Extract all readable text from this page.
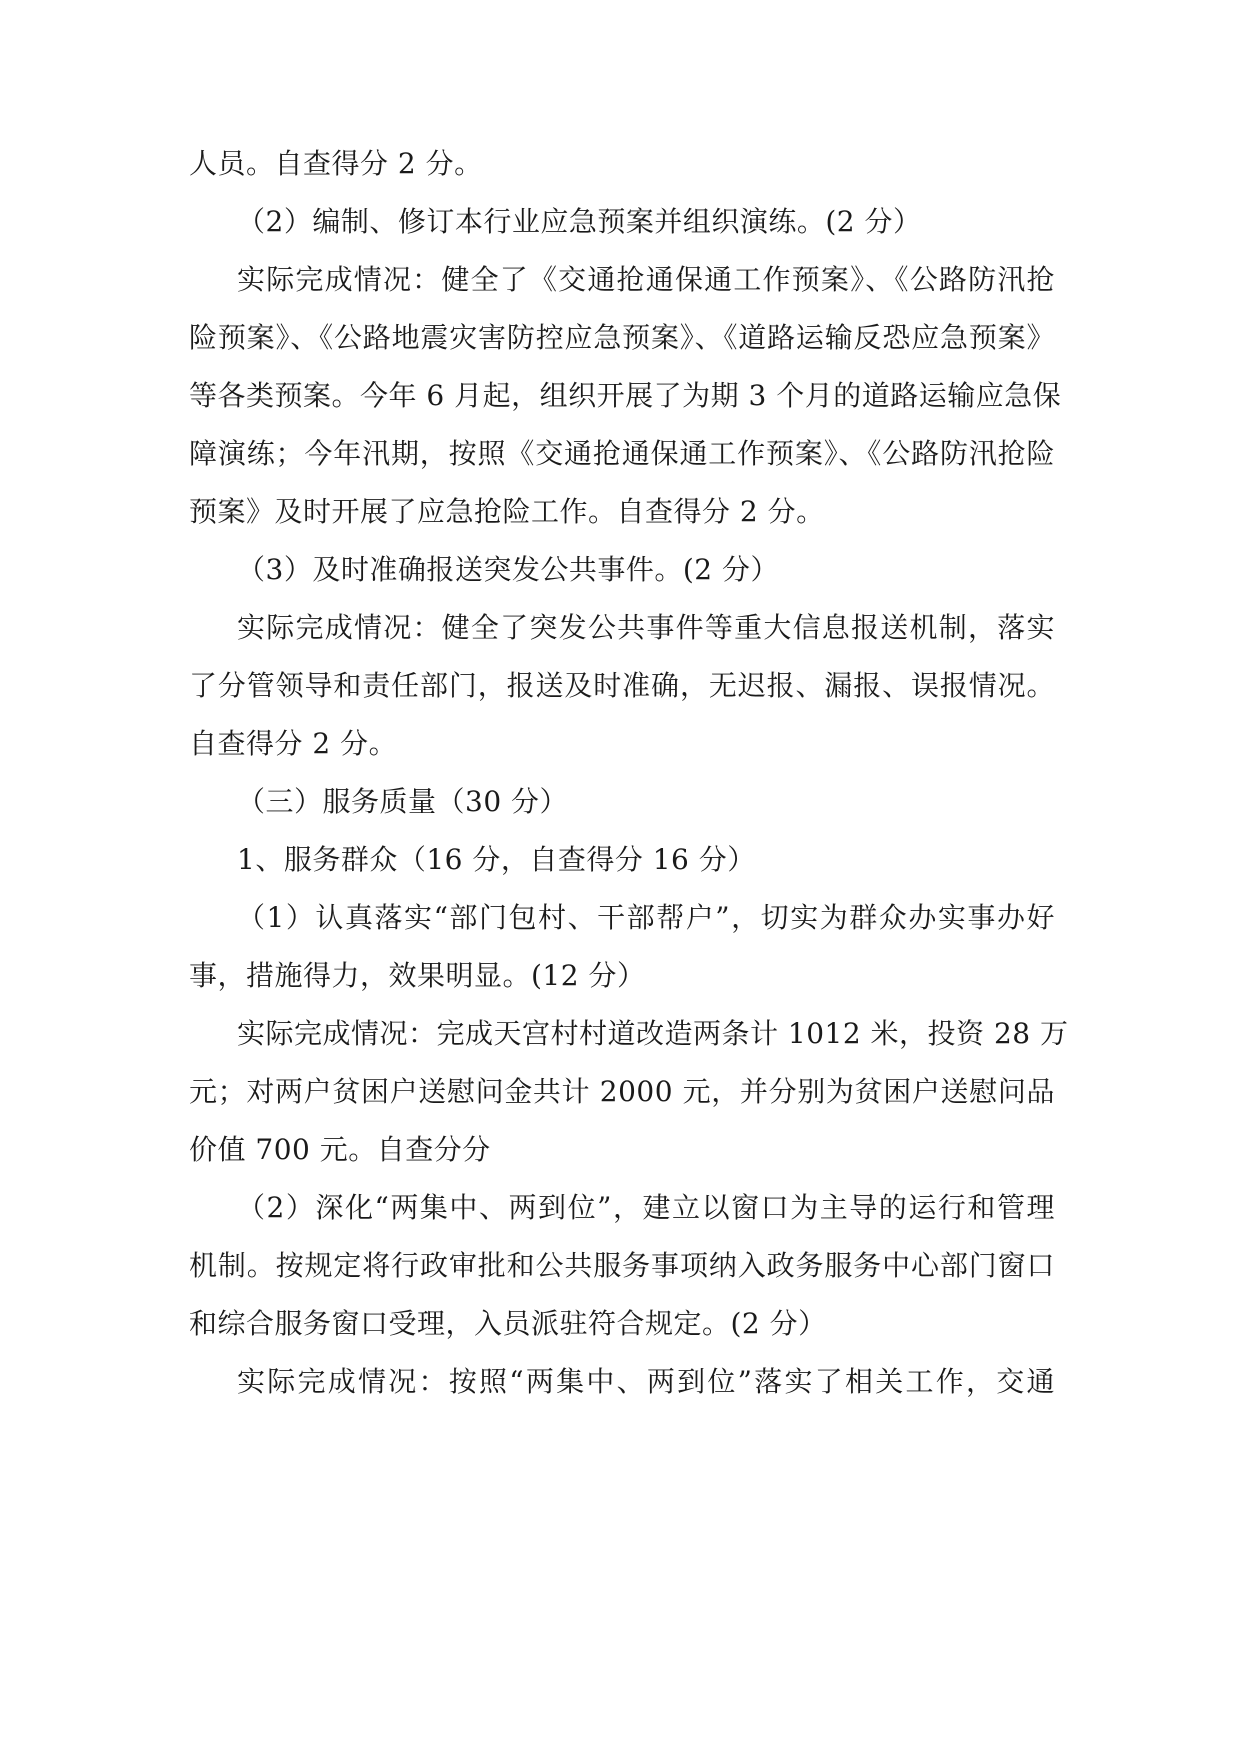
人员。自查得分 2 分。
（2）编制、修订本行业应急预案并组织演练。(2 分）
实际完成情况：健全了《交通抢通保通工作预案》、《公路防汛抢
险预案》、《公路地震灾害防控应急预案》、《道路运输反恐应急预案》
等各类预案。今年 6 月起，组织开展了为期 3 个月的道路运输应急保
障演练；今年汛期，按照《交通抢通保通工作预案》、《公路防汛抢险
预案》及时开展了应急抢险工作。自查得分 2 分。
（3）及时准确报送突发公共事件。(2 分）
实际完成情况：健全了突发公共事件等重大信息报送机制，落实
了分管领导和责任部门，报送及时准确，无迟报、漏报、误报情况。
自查得分 2 分。
（三）服务质量（30 分）
1、服务群众（16 分，自查得分 16 分）
（1）认真落实“部门包村、干部帮户”，切实为群众办实事办好
事，措施得力，效果明显。(12 分）
实际完成情况：完成天宫村村道改造两条计 1012 米，投资 28 万
元；对两户贫困户送慰问金共计 2000 元，并分别为贫困户送慰问品
价值 700 元。自查分分
（2）深化“两集中、两到位”，建立以窗口为主导的运行和管理
机制。按规定将行政审批和公共服务事项纳入政务服务中心部门窗口
和综合服务窗口受理，入员派驻符合规定。(2 分）
实际完成情况：按照“两集中、两到位”落实了相关工作，交通
